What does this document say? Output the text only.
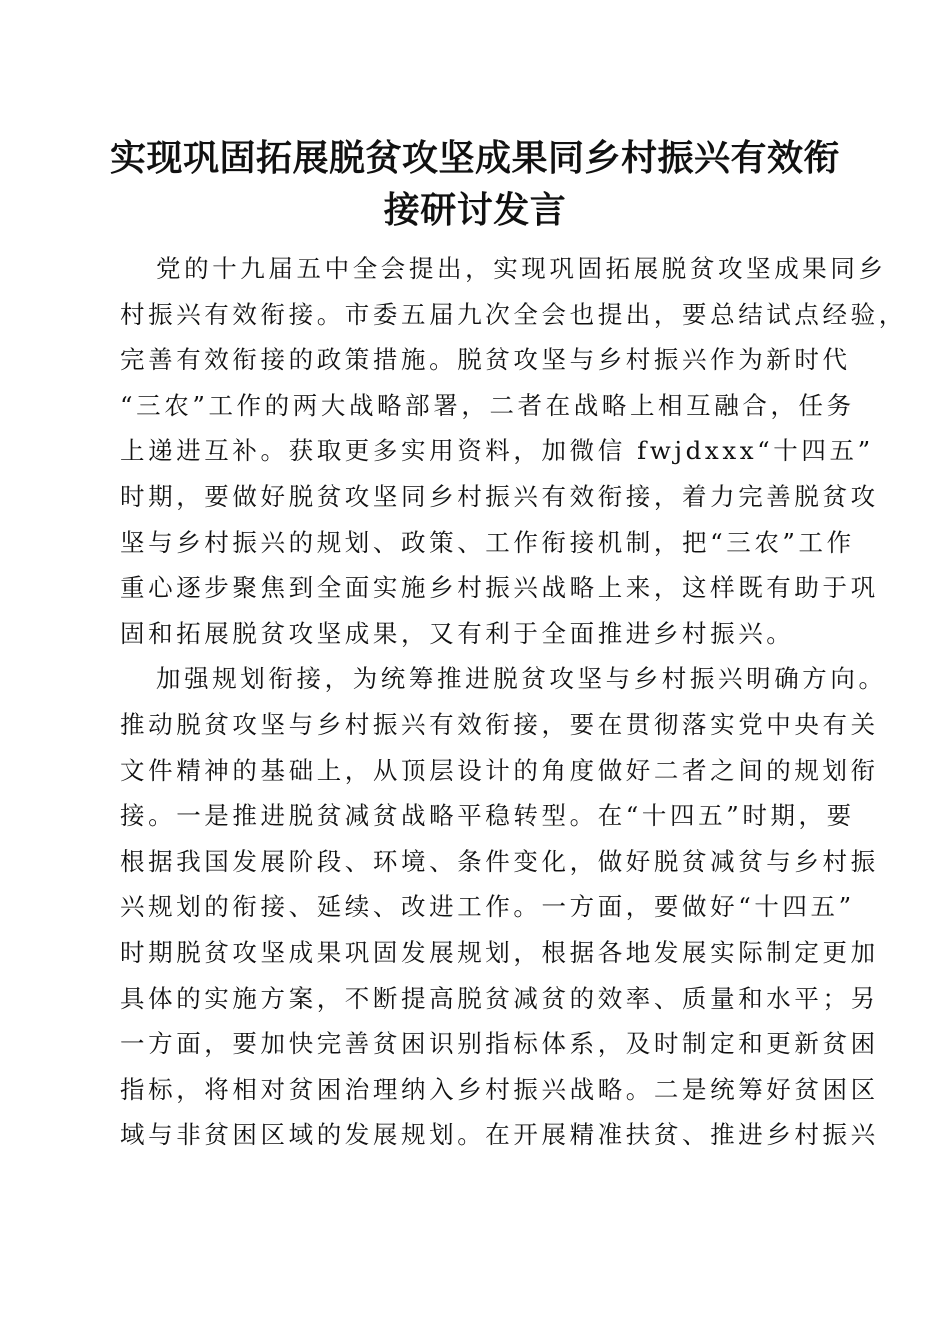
实现巩固拓展脱贫攻坚成果同乡村振兴有效衔
接研讨发言
党的十九届五中全会提出，实现巩固拓展脱贫攻坚成果同乡
村振兴有效衔接。市委五届九次全会也提出，要总结试点经验，
完善有效衔接的政策措施。脱贫攻坚与乡村振兴作为新时代
“三农”工作的两大战略部署，二者在战略上相互融合，任务
上递进互补。获取更多实用资料，加微信 fwjdxxx“十四五”
时期，要做好脱贫攻坚同乡村振兴有效衔接，着力完善脱贫攻
坚与乡村振兴的规划、政策、工作衔接机制，把“三农”工作
重心逐步聚焦到全面实施乡村振兴战略上来，这样既有助于巩
固和拓展脱贫攻坚成果，又有利于全面推进乡村振兴。
加强规划衔接，为统筹推进脱贫攻坚与乡村振兴明确方向。
推动脱贫攻坚与乡村振兴有效衔接，要在贯彻落实党中央有关
文件精神的基础上，从顶层设计的角度做好二者之间的规划衔
接。一是推进脱贫减贫战略平稳转型。在“十四五”时期，要
根据我国发展阶段、环境、条件变化，做好脱贫减贫与乡村振
兴规划的衔接、延续、改进工作。一方面，要做好“十四五”
时期脱贫攻坚成果巩固发展规划，根据各地发展实际制定更加
具体的实施方案，不断提高脱贫减贫的效率、质量和水平；另
一方面，要加快完善贫困识别指标体系，及时制定和更新贫困
指标，将相对贫困治理纳入乡村振兴战略。二是统筹好贫困区
域与非贫困区域的发展规划。在开展精准扶贫、推进乡村振兴
